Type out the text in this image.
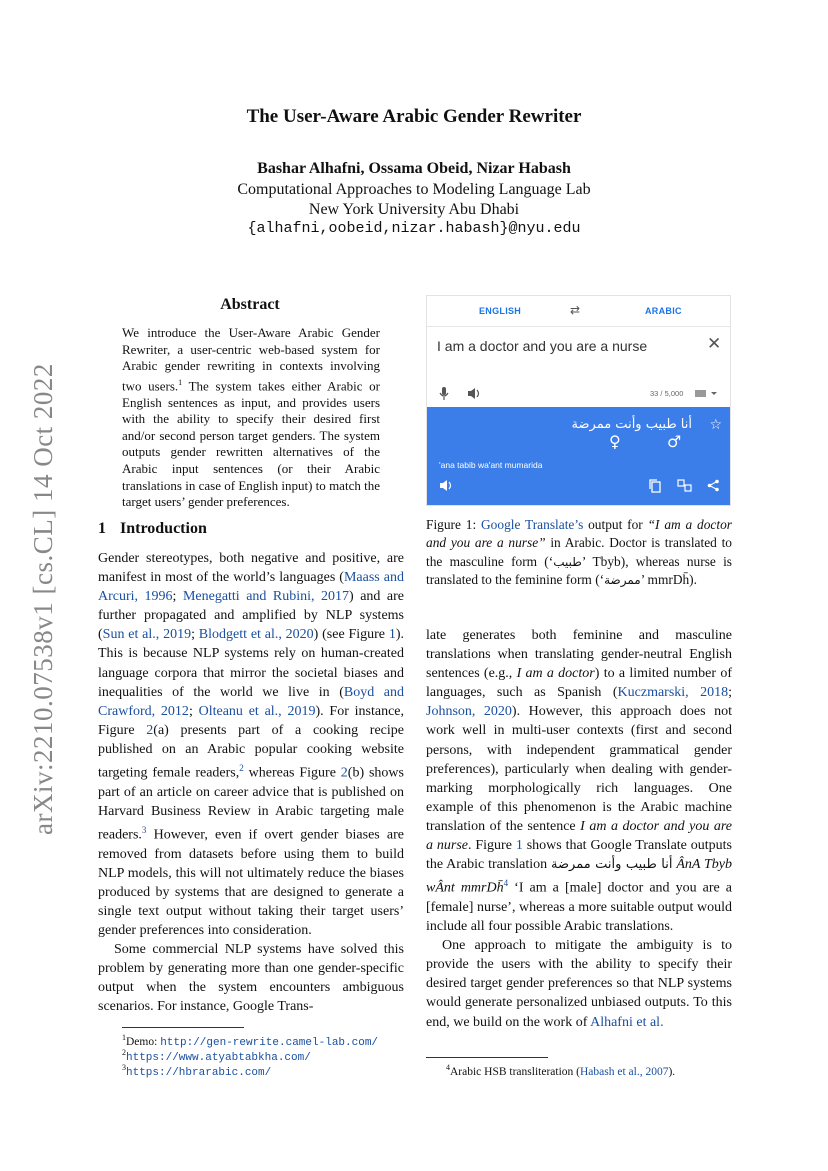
The User-Aware Arabic Gender Rewriter
Bashar Alhafni, Ossama Obeid, Nizar Habash
Computational Approaches to Modeling Language Lab
New York University Abu Dhabi
{alhafni,oobeid,nizar.habash}@nyu.edu
arXiv:2210.07538v1 [cs.CL] 14 Oct 2022
Abstract
We introduce the User-Aware Arabic Gender Rewriter, a user-centric web-based system for Arabic gender rewriting in contexts involving two users.$^1$ The system takes either Arabic or English sentences as input, and provides users with the ability to specify their desired first and/or second person target genders. The system outputs gender rewritten alternatives of the Arabic input sentences (or their Arabic translations in case of English input) to match the target users’ gender preferences.
1 Introduction

Gender stereotypes, both negative and positive, are manifest in most of the world’s languages (Maass and Arcuri, 1996; Menegatti and Rubini, 2017) and are further propagated and amplified by NLP systems (Sun et al., 2019; Blodgett et al., 2020) (see Figure 1). This is because NLP systems rely on human-created language corpora that mirror the societal biases and inequalities of the world we live in (Boyd and Crawford, 2012; Olteanu et al., 2019). For instance, Figure 2(a) presents part of a cooking recipe published on an Arabic popular cooking website targeting female readers,$^2$ whereas Figure 2(b) shows part of an article on career advice that is published on Harvard Business Review in Arabic targeting male readers.$^3$ However, even if overt gender biases are removed from datasets before using them to build NLP models, this will not ultimately reduce the biases produced by systems that are designed to generate a single text output without taking their target users’ gender preferences into consideration.

Some commercial NLP systems have solved this problem by generating more than one gender-specific output when the system encounters ambiguous scenarios. For instance, Google Trans-

$^1$Demo: http://gen-rewrite.camel-lab.com/
$^2$https://www.atyabtabkha.com/
$^3$https://hbrarabic.com/
ENGLISH	⇄	ARABIC
I am a doctor and you are a nurse	✕
33 / 5,000
أنا طبيب وأنت ممرضة ☆
♀	♂
'ana tabib wa'ant mumarida

Figure 1: Google Translate’s output for “I am a doctor and you are a nurse” in Arabic. Doctor is translated to the masculine form (‘طبيب’ Tbyb), whereas nurse is translated to the feminine form (‘ممرضة’ mmrDh̄).

late generates both feminine and masculine translations when translating gender-neutral English sentences (e.g., I am a doctor) to a limited number of languages, such as Spanish (Kuczmarski, 2018; Johnson, 2020). However, this approach does not work well in multi-user contexts (first and second persons, with independent grammatical gender preferences), particularly when dealing with gender-marking morphologically rich languages. One example of this phenomenon is the Arabic machine translation of the sentence I am a doctor and you are a nurse. Figure 1 shows that Google Translate outputs the Arabic translation أنا طبيب وأنت ممرضة ÂnA Tbyb wÂnt mmrDh̄$^4$ ‘I am a [male] doctor and you are a [female] nurse’, whereas a more suitable output would include all four possible Arabic translations.

One approach to mitigate the ambiguity is to provide the users with the ability to specify their desired target gender preferences so that NLP systems would generate personalized unbiased outputs. To this end, we build on the work of Alhafni et al.

$^4$Arabic HSB transliteration (Habash et al., 2007).
